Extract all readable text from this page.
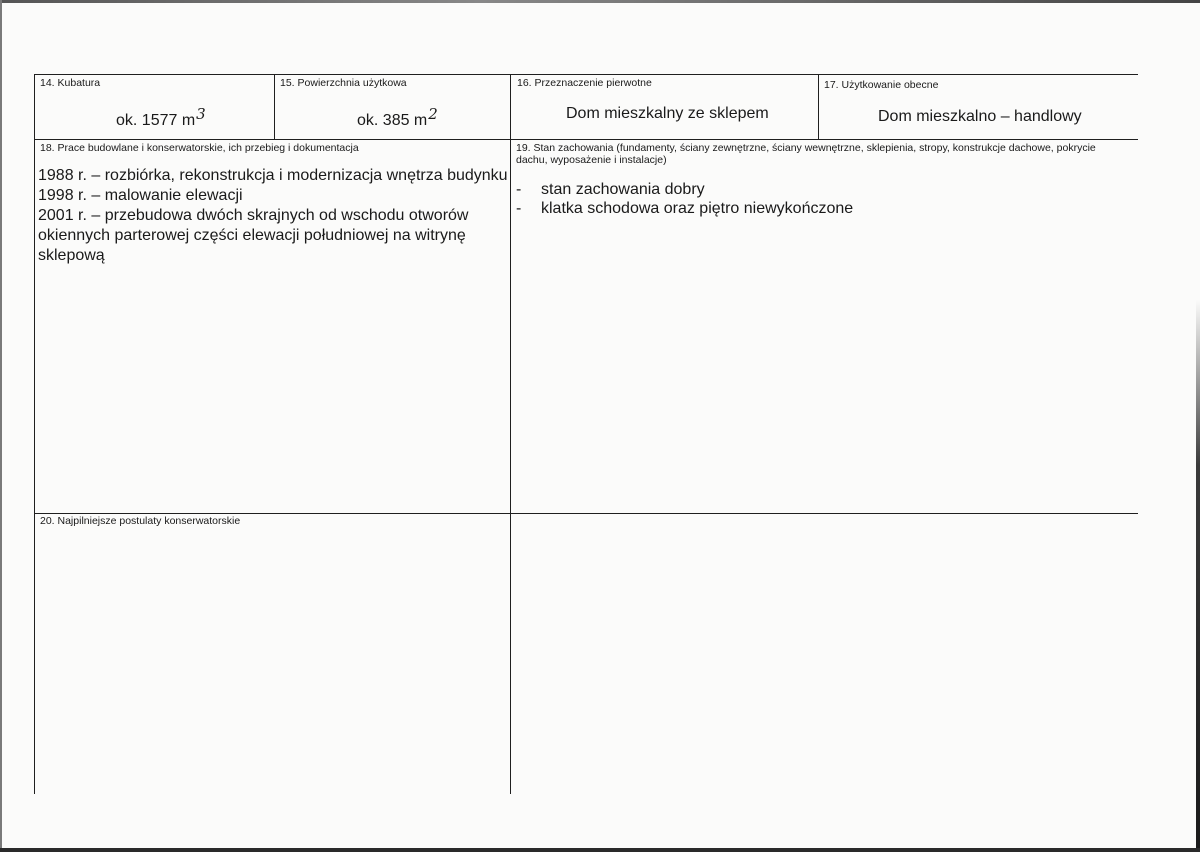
14. Kubatura
ok. 1577 m3
15. Powierzchnia użytkowa
ok. 385 m2
16. Przeznaczenie pierwotne
Dom mieszkalny ze sklepem
17. Użytkowanie obecne
Dom mieszkalno – handlowy
18. Prace budowlane i konserwatorskie, ich przebieg i dokumentacja
1988 r. – rozbiórka, rekonstrukcja i modernizacja wnętrza budynku
1998 r. – malowanie elewacji
2001 r. – przebudowa dwóch skrajnych od wschodu otworów okiennych parterowej części elewacji południowej na witrynę sklepową
19. Stan zachowania (fundamenty, ściany zewnętrzne, ściany wewnętrzne, sklepienia, stropy, konstrukcje dachowe, pokrycie dachu, wyposażenie i instalacje)
- stan zachowania dobry
- klatka schodowa oraz piętro niewykończone
20. Najpilniejsze postulaty konserwatorskie
